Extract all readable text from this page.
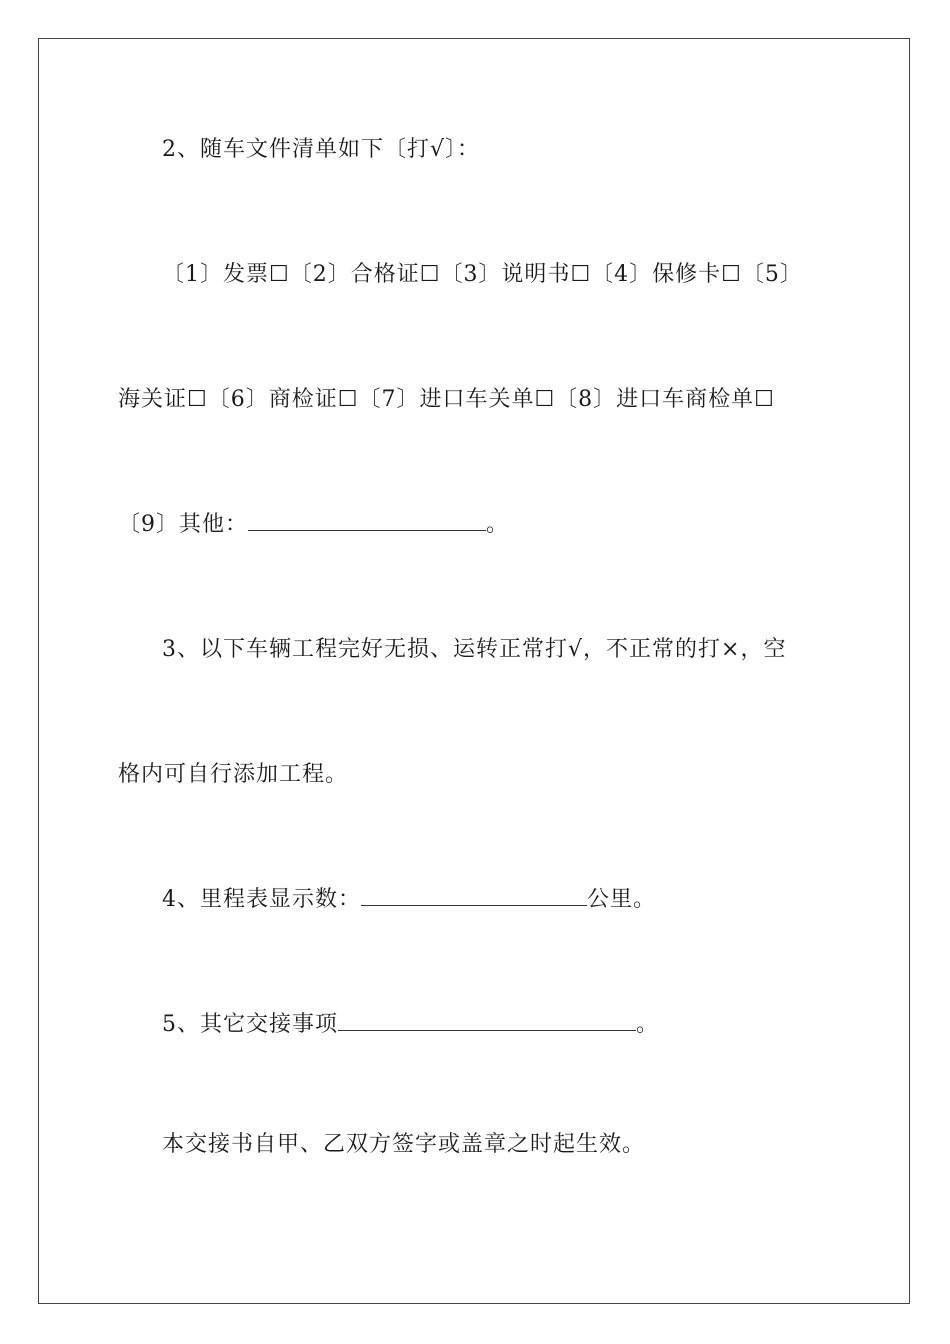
2、随车文件清单如下〔打√〕：
〔1〕发票☐〔2〕合格证☐〔3〕说明书☐〔4〕保修卡☐〔5〕
海关证☐〔6〕商检证☐〔7〕进口车关单☐〔8〕进口车商检单☐
〔9〕其他：	。
3、以下车辆工程完好无损、运转正常打√，不正常的打×，空
格内可自行添加工程。
4、里程表显示数：	公里。
5、其它交接事项	。
本交接书自甲、乙双方签字或盖章之时起生效。
